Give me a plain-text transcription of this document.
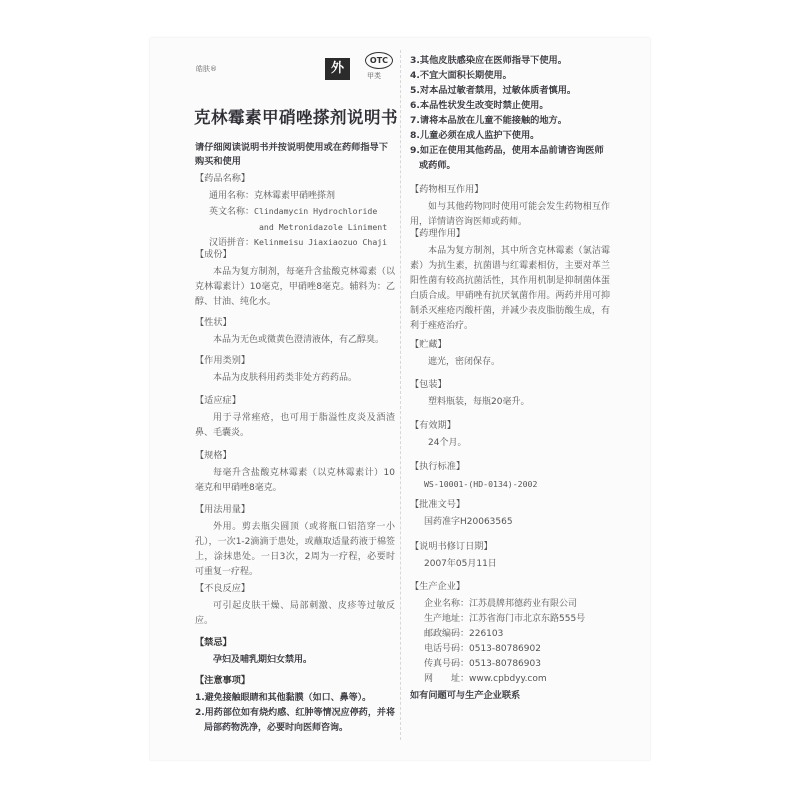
皓肤®	外
OTC
甲类
克林霉素甲硝唑搽剂说明书
请仔细阅读说明书并按说明使用或在药师指导下购买和使用
【药品名称】
通用名称：克林霉素甲硝唑搽剂
英文名称：Clindamycin Hydrochloride
and Metronidazole Liniment
汉语拼音：Kelinmeisu Jiaxiaozuo Chaji
【成份】
本品为复方制剂，每毫升含盐酸克林霉素（以克林霉素计）10毫克，甲硝唑8毫克。辅料为：乙醇、甘油、纯化水。
【性状】
本品为无色或微黄色澄清液体，有乙醇臭。
【作用类别】
本品为皮肤科用药类非处方药药品。
【适应症】
用于寻常痤疮，也可用于脂溢性皮炎及酒渣鼻、毛囊炎。
【规格】
每毫升含盐酸克林霉素（以克林霉素计）10毫克和甲硝唑8毫克。
【用法用量】
外用。剪去瓶尖圆顶（或将瓶口铝箔穿一小孔），一次1-2滴滴于患处，或蘸取适量药液于棉签上，涂抹患处。一日3次，2周为一疗程，必要时可重复一疗程。
【不良反应】
可引起皮肤干燥、局部刺激、皮疹等过敏反应。
【禁忌】
孕妇及哺乳期妇女禁用。
【注意事项】
1.避免接触眼睛和其他黏膜（如口、鼻等）。
2.用药部位如有烧灼感、红肿等情况应停药，并将局部药物洗净，必要时向医师咨询。
3.其他皮肤感染应在医师指导下使用。
4.不宜大面积长期使用。
5.对本品过敏者禁用，过敏体质者慎用。
6.本品性状发生改变时禁止使用。
7.请将本品放在儿童不能接触的地方。
8.儿童必须在成人监护下使用。
9.如正在使用其他药品，使用本品前请咨询医师或药师。
【药物相互作用】
如与其他药物同时使用可能会发生药物相互作用，详情请咨询医师或药师。
【药理作用】
本品为复方制剂，其中所含克林霉素（氯洁霉素）为抗生素，抗菌谱与红霉素相仿，主要对革兰阳性菌有较高抗菌活性，其作用机制是抑制菌体蛋白质合成。甲硝唑有抗厌氧菌作用。两药并用可抑制杀灭痤疮丙酸杆菌，并减少表皮脂肪酸生成，有利于痤疮治疗。
【贮藏】
遮光，密闭保存。
【包装】
塑料瓶装，每瓶20毫升。
【有效期】
24个月。
【执行标准】
WS-10001-(HD-0134)-2002
【批准文号】
国药准字H20063565
【说明书修订日期】
2007年05月11日
【生产企业】
企业名称：江苏晨牌邦德药业有限公司
生产地址：江苏省海门市北京东路555号
邮政编码：226103
电话号码：0513-80786902
传真号码：0513-80786903
网　　址：www.cpbdyy.com
如有问题可与生产企业联系
